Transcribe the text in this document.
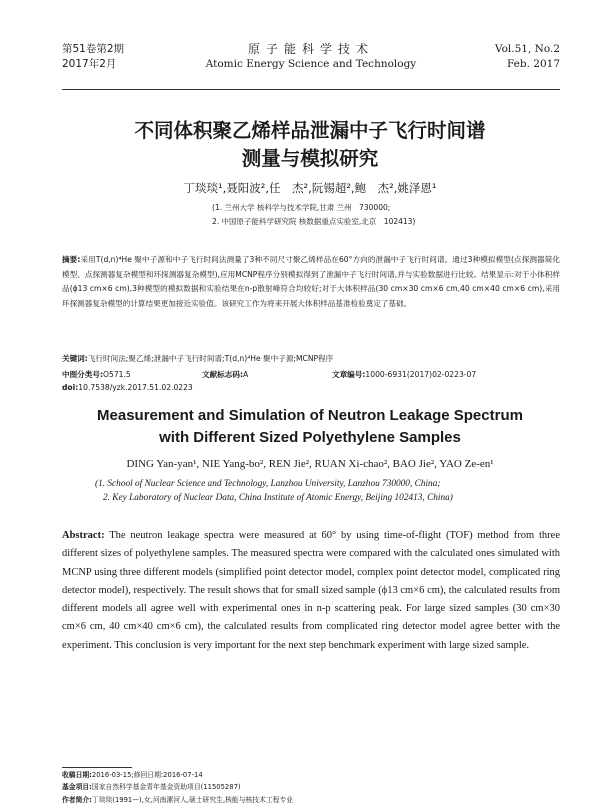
第51卷第2期
2017年2月
原子能科学技术
Atomic Energy Science and Technology
Vol.51, No.2
Feb. 2017
不同体积聚乙烯样品泄漏中子飞行时间谱
测量与模拟研究
丁琰琰¹,聂阳波²,任　杰²,阮锡超²,鲍　杰²,姚泽恩¹
(1. 兰州大学 核科学与技术学院,甘肃 兰州　730000;
2. 中国原子能科学研究院 核数据重点实验室,北京　102413)
摘要:采用T(d,n)⁴He 聚中子源和中子飞行时间法测量了3种不同尺寸聚乙烯样品在60°方向的泄漏中子飞行时间谱。通过3种模拟模型(点探测器简化模型、点探测器复杂模型和环探测器复杂模型),应用MCNP程序分别模拟得到了泄漏中子飞行时间谱,并与实验数据进行比较。结果显示:对于小体积样品(ϕ13 cm×6 cm),3种模型的模拟数据和实验结果在n-p散射峰符合均较好;对于大体积样品(30 cm×30 cm×6 cm,40 cm×40 cm×6 cm),采用环探测器复杂模型的计算结果更加接近实验值。该研究工作为将来开展大体积样品基准检验奠定了基础。
关键词:飞行时间法;聚乙烯;泄漏中子飞行时间谱;T(d,n)⁴He 聚中子源;MCNP程序
中图分类号:O571.5	文献标志码:A	文章编号:1000-6931(2017)02-0223-07
doi:10.7538/yzk.2017.51.02.0223
Measurement and Simulation of Neutron Leakage Spectrum
with Different Sized Polyethylene Samples
DING Yan-yan¹, NIE Yang-bo², REN Jie², RUAN Xi-chao², BAO Jie², YAO Ze-en¹
(1. School of Nuclear Science and Technology, Lanzhou University, Lanzhou 730000, China;
2. Key Laboratory of Nuclear Data, China Institute of Atomic Energy, Beijing 102413, China)
Abstract: The neutron leakage spectra were measured at 60° by using time-of-flight (TOF) method from three different sizes of polyethylene samples. The measured spectra were compared with the calculated ones simulated with MCNP using three different models (simplified point detector model, complex point detector model, complicated ring detector model), respectively. The result shows that for small sized sample (ϕ13 cm×6 cm), the calculated results from different models all agree well with experimental ones in n-p scattering peak. For large sized samples (30 cm×30 cm×6 cm, 40 cm×40 cm×6 cm), the calculated results from complicated ring detector model agree better with the experiment. This conclusion is very important for the next step benchmark experiment with large sized sample.
收稿日期:2016-03-15;修回日期:2016-07-14
基金项目:国家自然科学基金青年基金资助项目(11505287)
作者简介:丁琰琰(1991—),女,河南漯河人,硕士研究生,核能与核技术工程专业
